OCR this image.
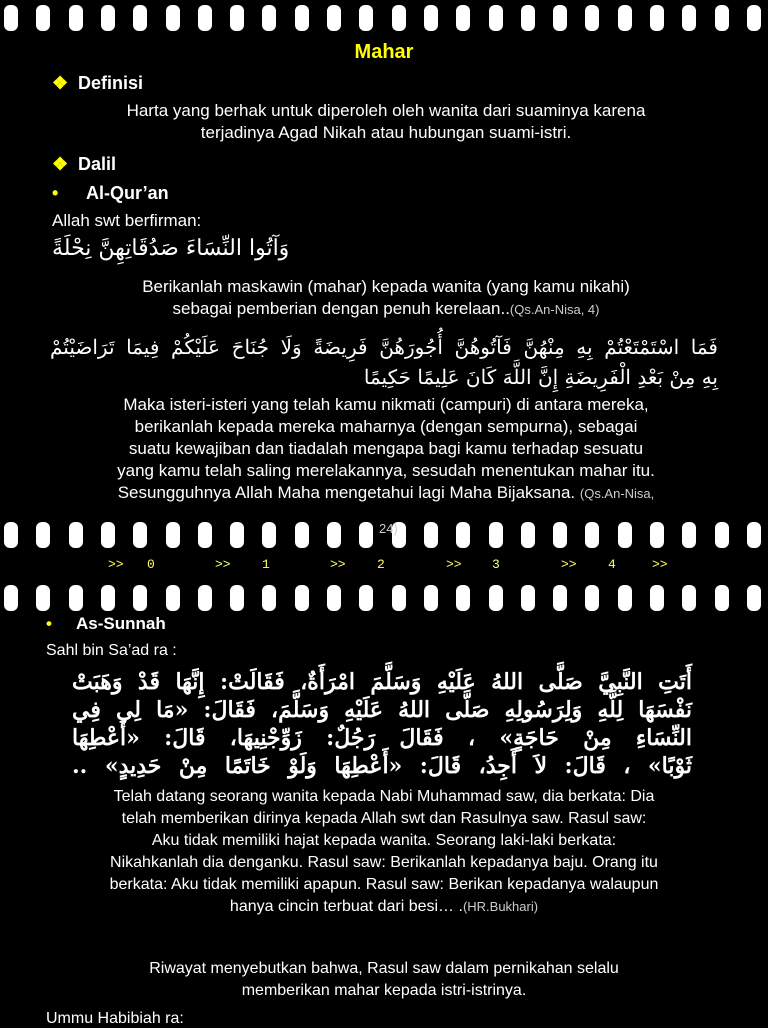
Mahar
❖ Definisi
Harta yang berhak untuk diperoleh oleh wanita dari suaminya karena
terjadinya Agad Nikah atau hubungan suami-istri.
❖ Dalil
• Al-Qur’an
Allah swt berfirman:
وَآتُوا النِّسَاءَ صَدُقَاتِهِنَّ نِحْلَةً
Berikanlah maskawin (mahar) kepada wanita (yang kamu nikahi)
sebagai pemberian dengan penuh kerelaan..(Qs.An-Nisa, 4)
فَمَا اسْتَمْتَعْتُمْ بِهِ مِنْهُنَّ فَآتُوهُنَّ أُجُورَهُنَّ فَرِيضَةً وَلَا جُنَاحَ عَلَيْكُمْ فِيمَا تَرَاضَيْتُمْ
بِهِ مِنْ بَعْدِ الْفَرِيضَةِ إِنَّ اللَّهَ كَانَ عَلِيمًا حَكِيمًا
Maka isteri-isteri yang telah kamu nikmati (campuri) di antara mereka,
berikanlah kepada mereka maharnya (dengan sempurna), sebagai
suatu kewajiban dan tiadalah mengapa bagi kamu terhadap sesuatu
yang kamu telah saling merelakannya, sesudah menentukan mahar itu.
Sesungguhnya Allah Maha mengetahui lagi Maha Bijaksana. (Qs.An-Nisa,
24)
>> 0	>> 1	>> 2	>> 3	>> 4	>>
• As-Sunnah
Sahl bin Sa’ad ra :
أَتَتِ النَّبِيَّ صَلَّى اللهُ عَلَيْهِ وَسَلَّمَ امْرَأَةٌ، فَقَالَتْ: إِنَّهَا قَدْ وَهَبَتْ
نَفْسَهَا لِلَّهِ وَلِرَسُولِهِ صَلَّى اللهُ عَلَيْهِ وَسَلَّمَ، فَقَالَ: «مَا لِي فِي
النِّسَاءِ مِنْ حَاجَةٍ» ، فَقَالَ رَجُلٌ: زَوِّجْنِيهَا، قَالَ: «أَعْطِهَا
ثَوْبًا» ، قَالَ: لاَ أَجِدُ، قَالَ: «أَعْطِهَا وَلَوْ خَاتَمًا مِنْ حَدِيدٍ» ..
Telah datang seorang wanita kepada Nabi Muhammad saw, dia berkata: Dia
telah memberikan dirinya kepada Allah swt dan Rasulnya saw. Rasul saw:
Aku tidak memiliki hajat kepada wanita. Seorang laki-laki berkata:
Nikahkanlah dia denganku. Rasul saw: Berikanlah kepadanya baju. Orang itu
berkata: Aku tidak memiliki apapun. Rasul saw: Berikan kepadanya walaupun
hanya cincin terbuat dari besi… .(HR.Bukhari)
Riwayat menyebutkan bahwa, Rasul saw dalam pernikahan selalu
memberikan mahar kepada istri-istrinya.
Ummu Habibiah ra:
